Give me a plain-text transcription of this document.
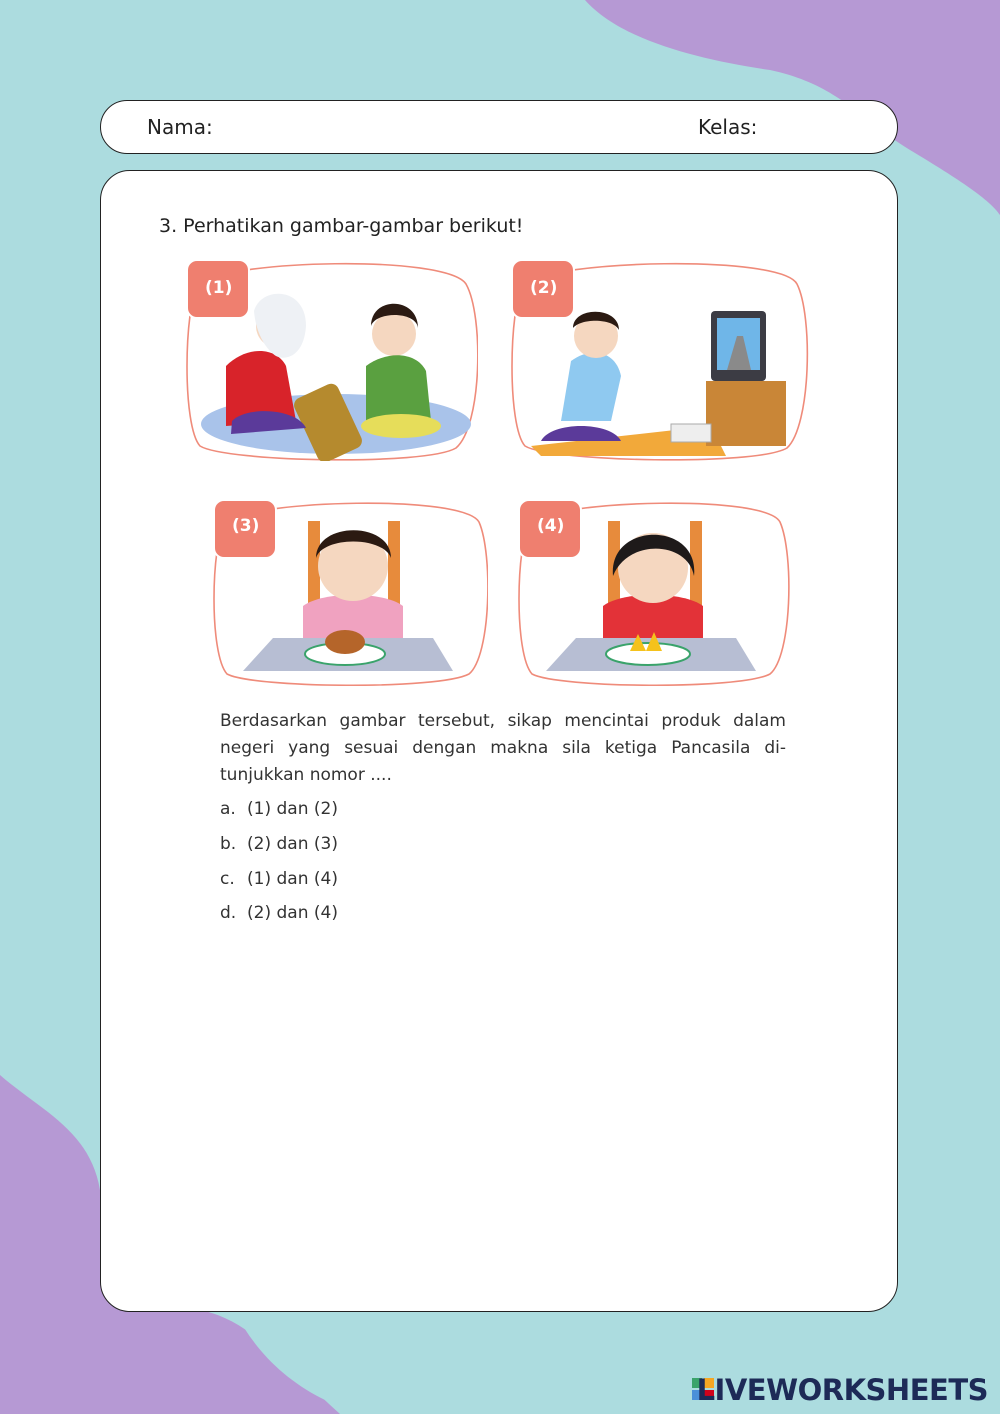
Nama:	Kelas:
3. Perhatikan gambar-gambar berikut!
(1)	(2)
(3)	(4)
Berdasarkan gambar tersebut, sikap mencintai produk dalam negeri yang sesuai dengan makna sila ketiga Pancasila ditunjukkan nomor ....
a. (1) dan (2)
b. (2) dan (3)
c. (1) dan (4)
d. (2) dan (4)
LIVEWORKSHEETS
